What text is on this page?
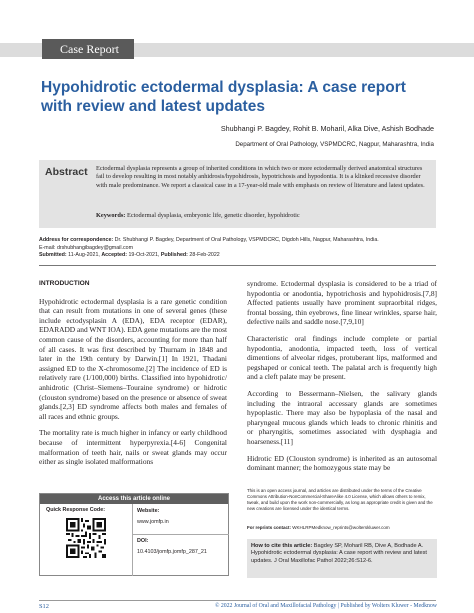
Case Report
Hypohidrotic ectodermal dysplasia: A case report with review and latest updates
Shubhangi P. Bagdey, Rohit B. Moharil, Alka Dive, Ashish Bodhade
Department of Oral Pathology, VSPMDCRC, Nagpur, Maharashtra, India
Abstract Ectodermal dysplasia represents a group of inherited conditions in which two or more ectodermally derived anatomical structures fail to develop resulting in most notably anhidrosis/hypohidrosis, hypotrichosis and hypodontia. It is a klinked recessive disorder with male predominance. We report a classical case in a 17-year-old male with emphasis on review of literature and latest updates.
Keywords: Ectodermal dysplasia, embryonic life, genetic disorder, hypohidrotic
Address for correspondence: Dr. Shubhangi P. Bagdey, Department of Oral Pathology, VSPMDCRC, Digdoh Hills, Nagpur, Maharashtra, India.
E-mail: drshubhangibagdey@gmail.com
Submitted: 11-Aug-2021, Accepted: 19-Oct-2021, Published: 28-Feb-2022
INTRODUCTION

Hypohidrotic ectodermal dysplasia is a rare genetic condition that can result from mutations in one of several genes (these include ectodysplasin A (EDA), EDA receptor (EDAR), EDARADD and WNT IOA). EDA gene mutations are the most common cause of the disorders, accounting for more than half of all cases. It was first described by Thurnam in 1848 and later in the 19th century by Darwin.[1] In 1921, Thadani assigned ED to the X-chromosome.[2] The incidence of ED is relatively rare (1/100,000) births. Classified into hypohidrotic/ anhidrotic (Christ–Siemens–Touraine syndrome) or hidrotic (clouston syndrome) based on the presence or absence of sweat glands.[2,3] ED syndrome affects both males and females of all races and ethnic groups.

The mortality rate is much higher in infancy or early childhood because of intermittent hyperpyrexia.[4-6] Congenital malformation of teeth hair, nails or sweat glands may occur either as single isolated malformations

syndrome. Ectodermal dysplasia is considered to be a triad of hypodontia or anodontia, hypotrichosis and hypohidrosis.[7,8] Affected patients usually have prominent supraorbital ridges, frontal bossing, thin eyebrows, fine linear wrinkles, sparse hair, defective nails and saddle nose.[7,9,10]

Characteristic oral findings include complete or partial hypodontia, anodontia, impacted teeth, loss of vertical dimentions of alveolar ridges, protuberant lips, malformed and pegshaped or conical teeth. The palatal arch is frequently high and a cleft palate may be present.

According to Bessermann–Nielsen, the salivary glands including the intraoral accessary glands are sometimes hypoplastic. There may also be hypoplasia of the nasal and pharyngeal mucous glands which leads to chronic rhinitis and or pharyngitis, sometimes associated with dysphagia and hoarseness.[11]

Hidrotic ED (Clouston syndrome) is inherited as an autosomal dominant manner; the homozygous state may be

Access this article online
Quick Response Code:	Website:
www.jomfp.in
DOI:
10.4103/jomfp.jomfp_287_21
This is an open access journal, and articles are distributed under the terms of the Creative Commons Attribution-NonCommercial-ShareAlike 4.0 License, which allows others to remix, tweak, and build upon the work non-commercially, as long as appropriate credit is given and the new creations are licensed under the identical terms.
For reprints contact: WKHLRPMedknow_reprints@wolterskluwer.com
How to cite this article: Bagdey SP, Moharil RB, Dive A, Bodhade A. Hypohidrotic ectodermal dysplasia: A case report with review and latest updates. J Oral Maxillofac Pathol 2022;26:S12-6.
S12	© 2022 Journal of Oral and Maxillofacial Pathology | Published by Wolters Kluwer - Medknow
